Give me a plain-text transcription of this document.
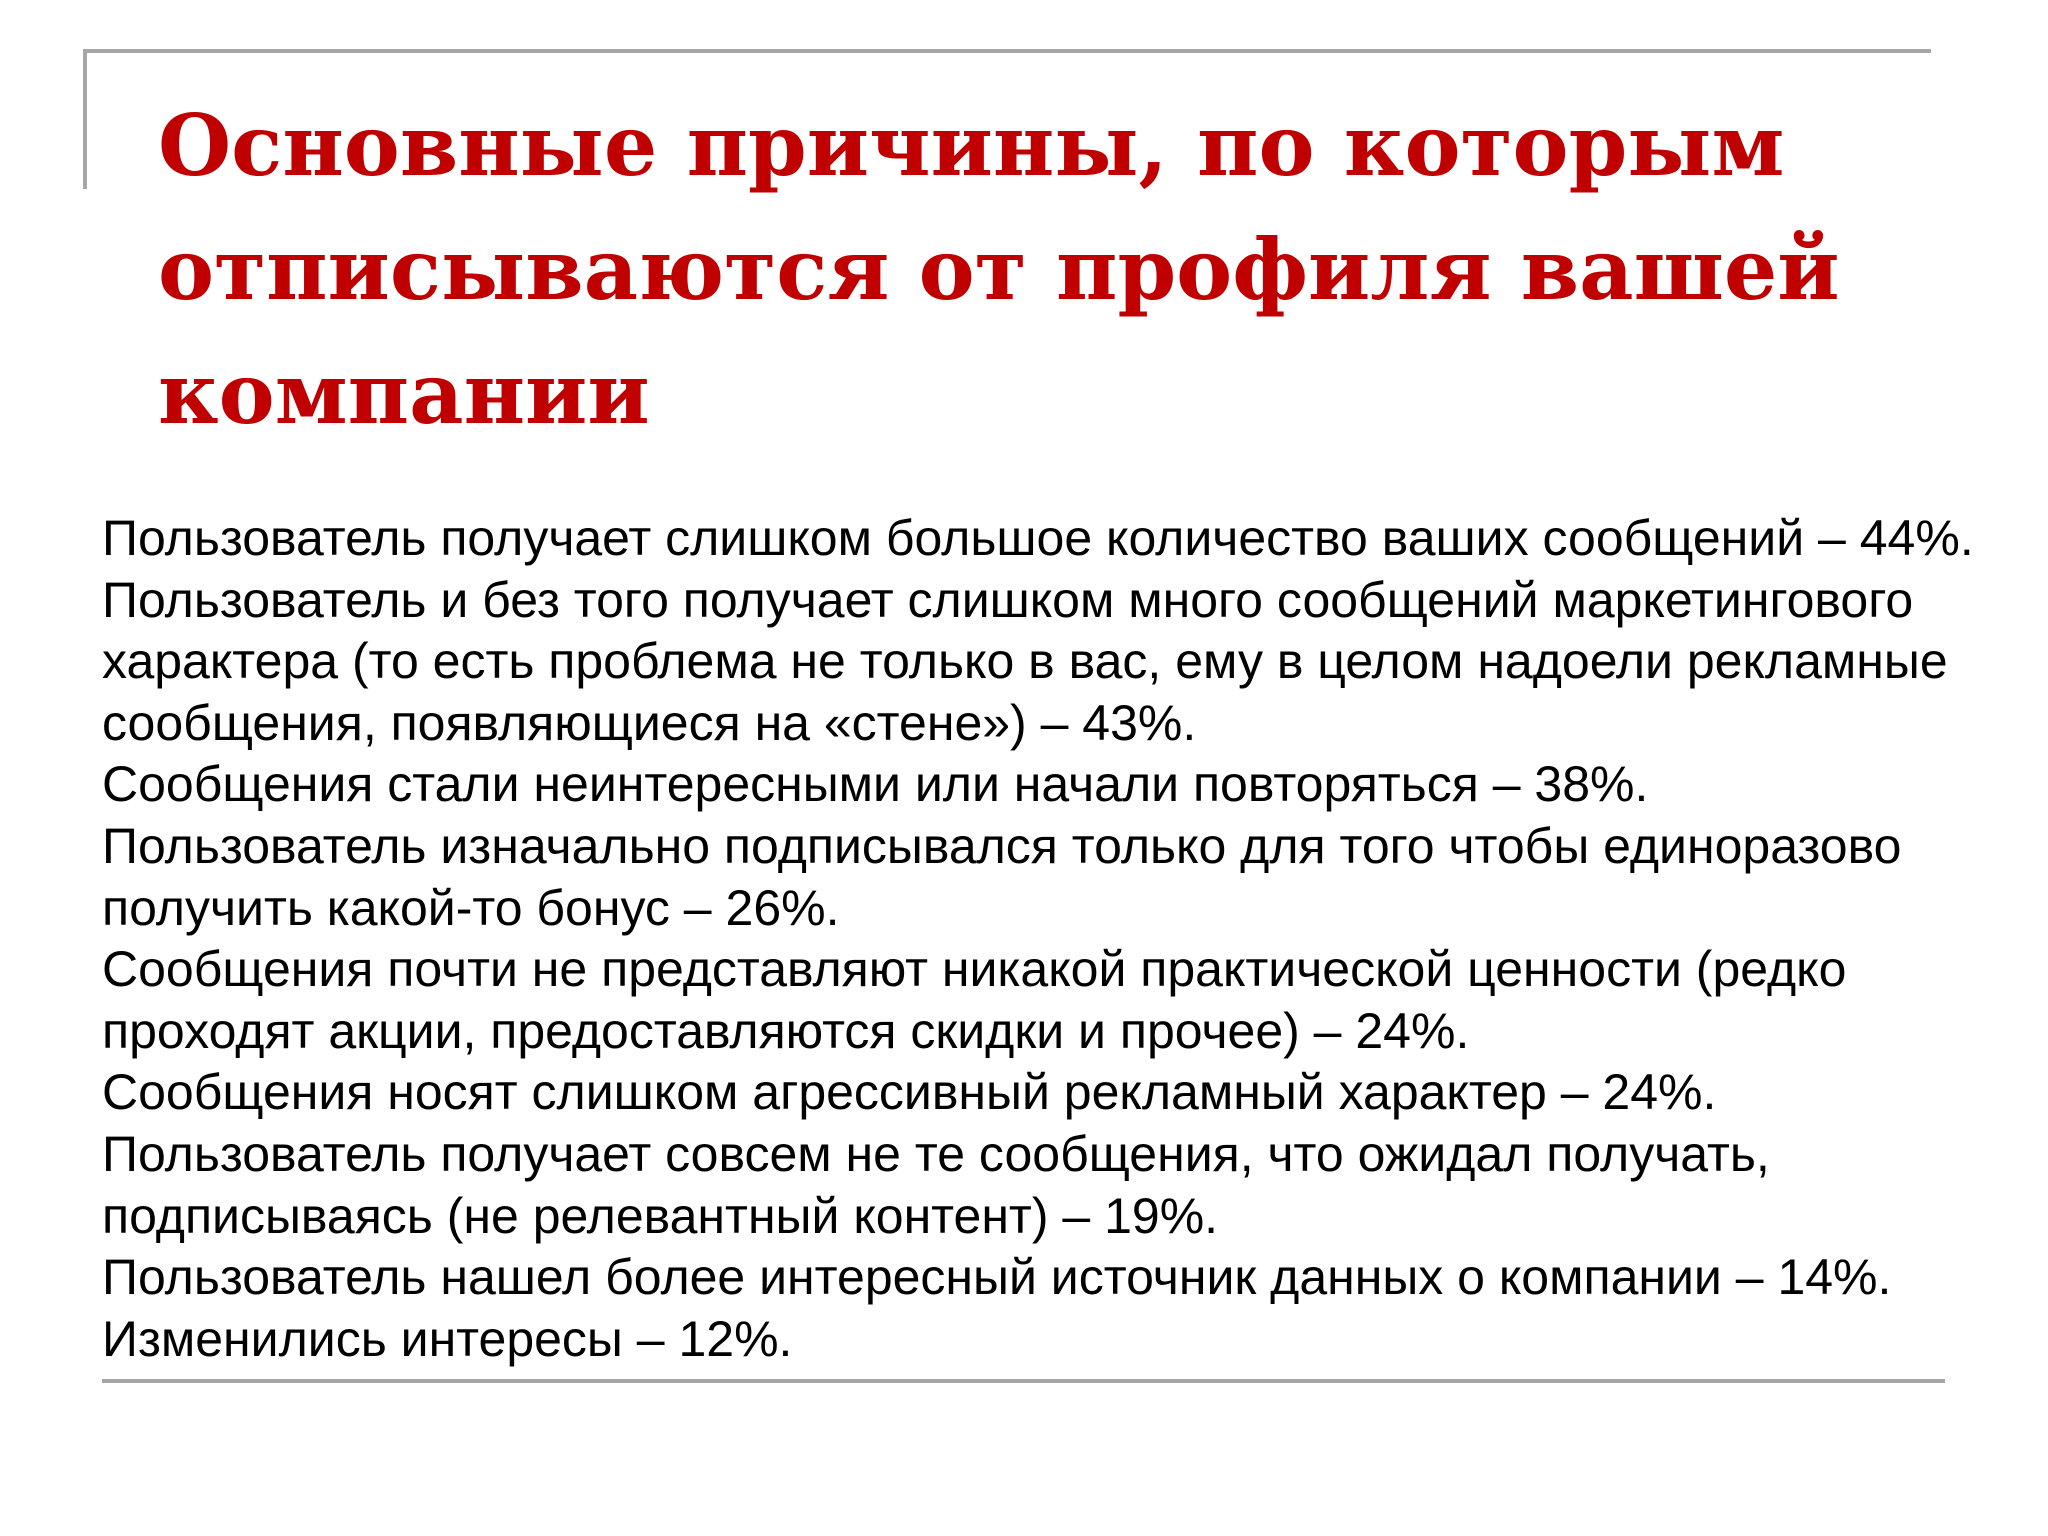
Основные причины, по которым отписываются от профиля вашей компании
Пользователь получает слишком большое количество ваших сообщений – 44%.
Пользователь и без того получает слишком много сообщений маркетингового характера (то есть проблема не только в вас, ему в целом надоели рекламные сообщения, появляющиеся на «стене») – 43%.
Сообщения стали неинтересными или начали повторяться – 38%.
Пользователь изначально подписывался только для того чтобы единоразово получить какой-то бонус – 26%.
Сообщения почти не представляют никакой практической ценности (редко проходят акции, предоставляются скидки и прочее) – 24%.
Сообщения носят слишком агрессивный рекламный характер – 24%.
Пользователь получает совсем не те сообщения, что ожидал получать, подписываясь (не релевантный контент) – 19%.
Пользователь нашел более интересный источник данных о компании – 14%.
Изменились интересы – 12%.
